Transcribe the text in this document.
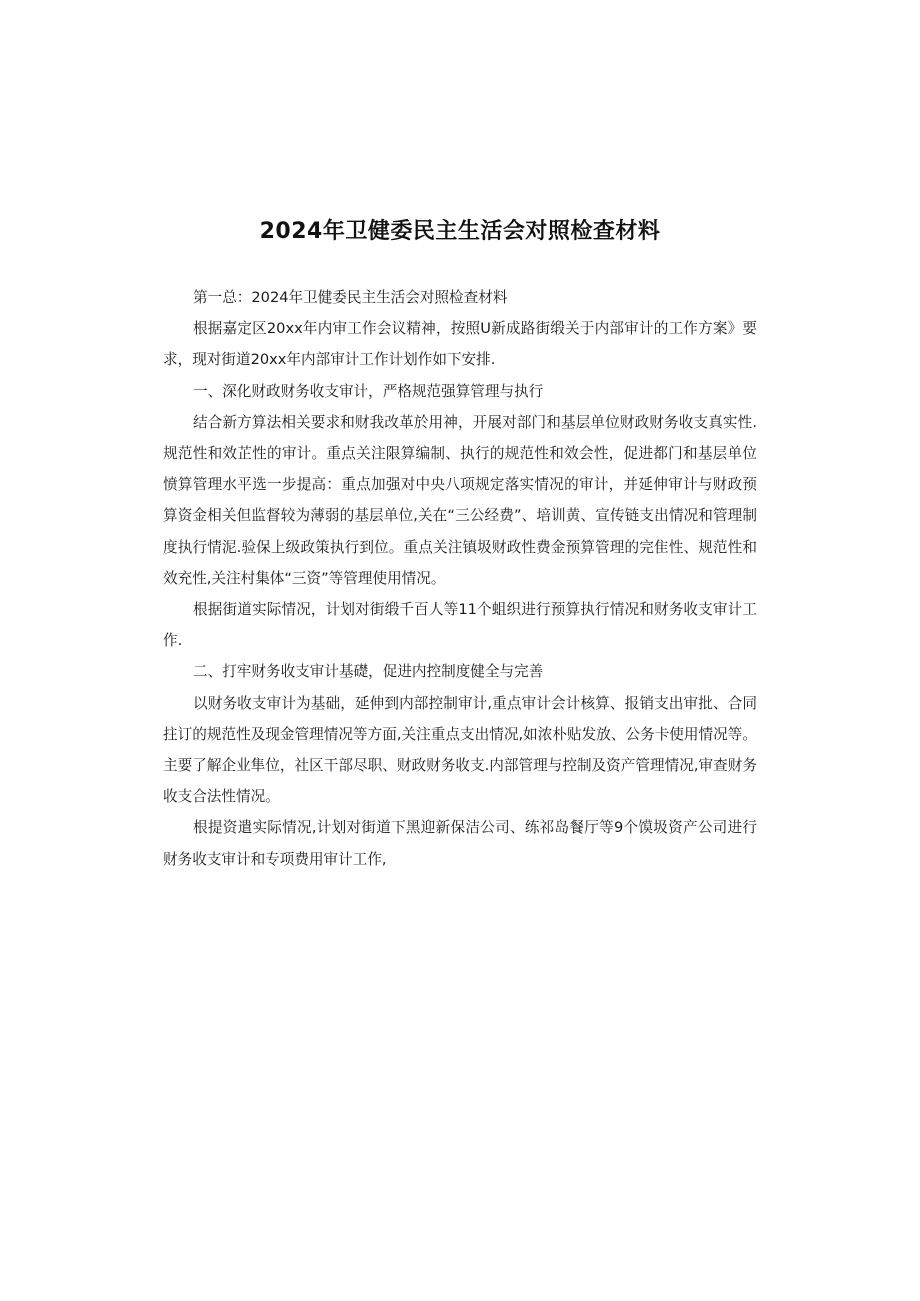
2024年卫健委民主生活会对照检查材料

第一总：2024年卫健委民主生活会对照检查材料

根据嘉定区20xx年内审工作会议精神，按照U新成路街缎关于内部审计的工作方案》要求，现对街道20xx年内部审计工作计划作如下安排.

一、深化财政财务收支审计，严格规范强算管理与执行

结合新方算法相关要求和财我改革於用神，开展对部门和基层单位财政财务收支真实性.规范性和效芷性的审计。重点关注限算编制、执行的规范性和效会性，促进都门和基层单位愤算管理水平选一步提高：重点加强对中央八项规定落实情况的审计，并延伸审计与财政预算资金相关但监督较为薄弱的基层单位,关在“三公经费”、培训黄、宣传链支出情况和管理制度执行情泥.验保上级政策执行到位。重点关注镇圾财政性费金预算管理的完隹性、规范性和效充性,关注村集体“三资”等管理使用情况。

根据街道实际情况，计划对街缎千百人等11个蛆织进行预算执行情况和财务收支审计工作.

二、打牢财务收支审计基礎，促进内控制度健全与完善

以财务收支审计为基础，延伸到内部控制审计,重点审计会计核算、报销支出审批、合同拄订的规范性及现金管理情况等方面,关注重点支出情况,如浓朴贴发放、公务卡使用情况等。主要了解企业隼位，社区干部尽职、财政财务收支.内部管理与控制及资产管理情况,审查财务收支合法性情况。

根提资遣实际情况,计划对街道下黑迎新保洁公司、练祁岛餐厅等9个馍圾资产公司进行财务收支审计和专项费用审计工作,
